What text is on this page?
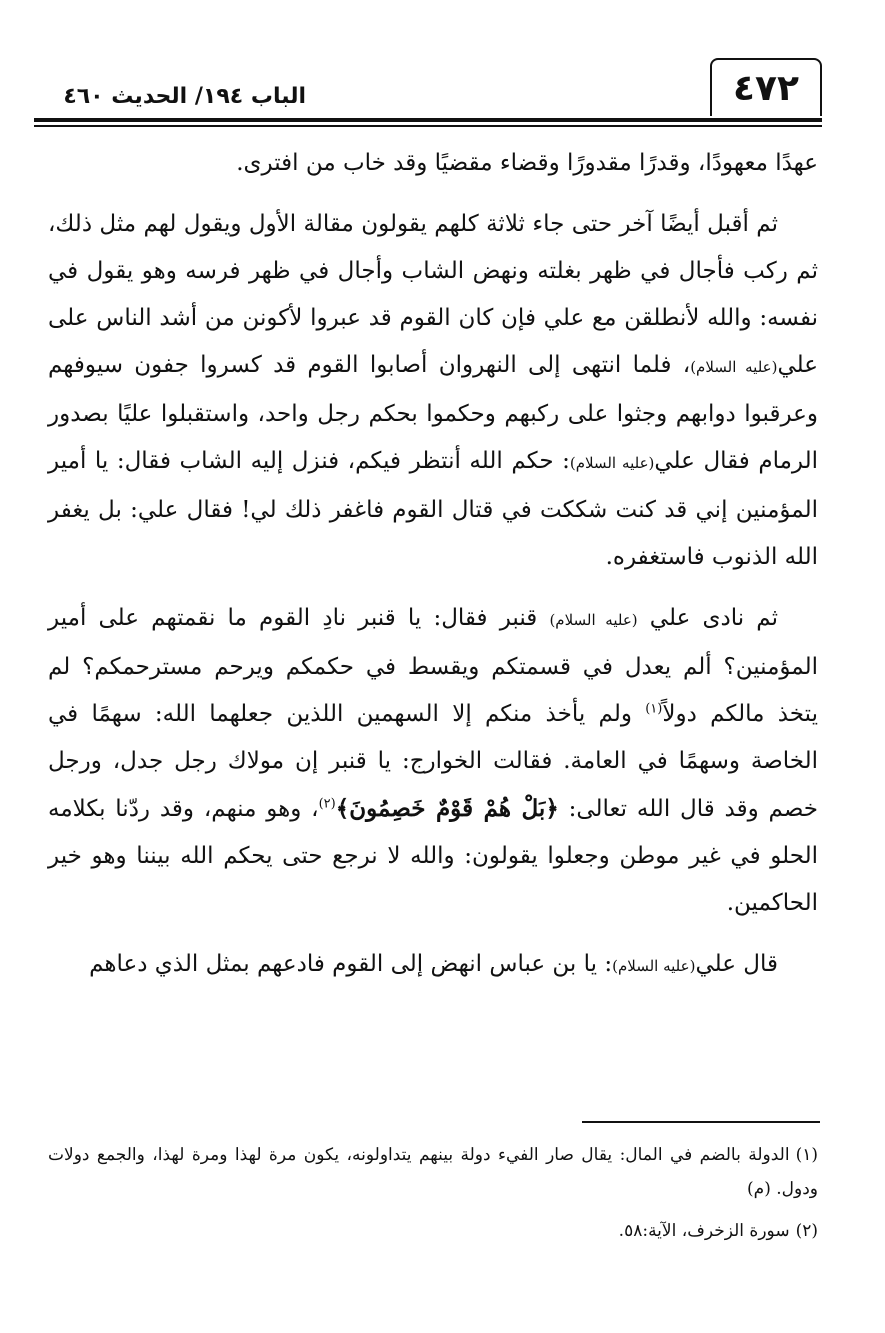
٤٧٢
الباب ١٩٤/ الحديث ٤٦٠

عهدًا معهودًا، وقدرًا مقدورًا وقضاء مقضيًا وقد خاب من افترى.

ثم أقبل أيضًا آخر حتى جاء ثلاثة كلهم يقولون مقالة الأول ويقول لهم مثل ذلك، ثم ركب فأجال في ظهر بغلته ونهض الشاب وأجال في ظهر فرسه وهو يقول في نفسه: والله لأنطلقن مع علي فإن كان القوم قد عبروا لأكونن من أشد الناس على علي(عليه السلام)، فلما انتهى إلى النهروان أصابوا القوم قد كسروا جفون سيوفهم وعرقبوا دوابهم وجثوا على ركبهم وحكموا بحكم رجل واحد، واستقبلوا عليًا بصدور الرمام فقال علي(عليه السلام): حكم الله أنتظر فيكم، فنزل إليه الشاب فقال: يا أمير المؤمنين إني قد كنت شككت في قتال القوم فاغفر ذلك لي! فقال علي: بل يغفر الله الذنوب فاستغفره.

ثم نادى علي (عليه السلام) قنبر فقال: يا قنبر نادِ القوم ما نقمتهم على أمير المؤمنين؟ ألم يعدل في قسمتكم ويقسط في حكمكم ويرحم مسترحمكم؟ لم يتخذ مالكم دولاً$^{(١)}$ ولم يأخذ منكم إلا السهمين اللذين جعلهما الله: سهمًا في الخاصة وسهمًا في العامة. فقالت الخوارج: يا قنبر إن مولاك رجل جدل، ورجل خصم وقد قال الله تعالى: ﴿بَلْ هُمْ قَوْمٌ خَصِمُونَ﴾$^{(٢)}$، وهو منهم، وقد ردّنا بكلامه الحلو في غير موطن وجعلوا يقولون: والله لا نرجع حتى يحكم الله بيننا وهو خير الحاكمين.

قال علي(عليه السلام): يا بن عباس انهض إلى القوم فادعهم بمثل الذي دعاهم

(١)الدولة بالضم في المال: يقال صار الفيء دولة بينهم يتداولونه، يكون مرة لهذا ومرة لهذا، والجمع دولات ودول. (م)

(٢)سورة الزخرف، الآية:٥٨.
